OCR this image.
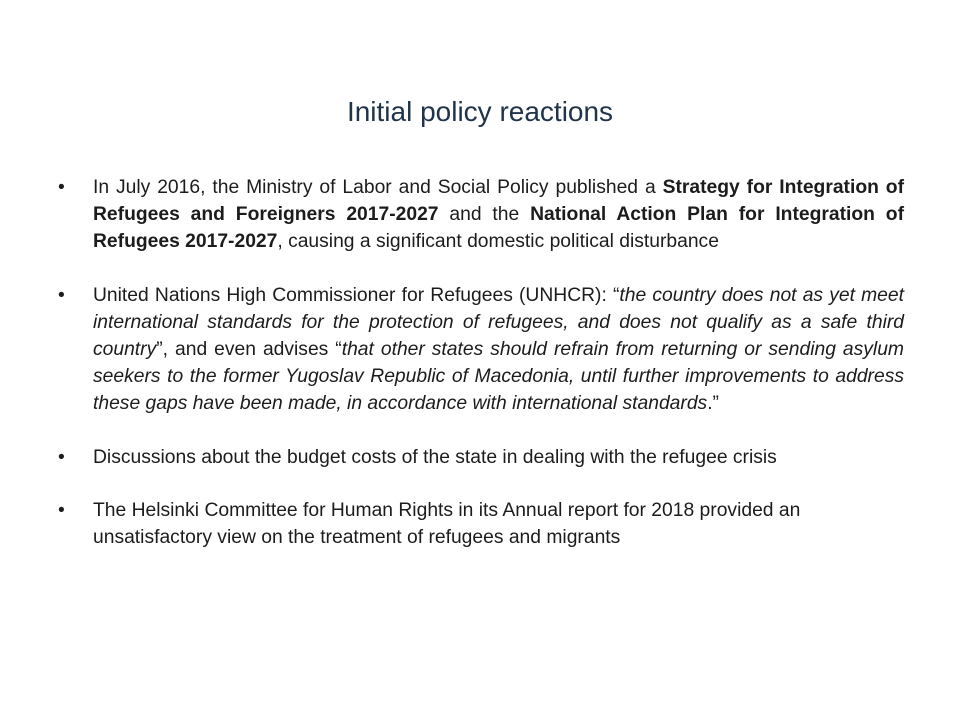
Initial policy reactions
•	In July 2016, the Ministry of Labor and Social Policy published a Strategy for Integration of Refugees and Foreigners 2017-2027 and the National Action Plan for Integration of Refugees 2017-2027, causing a significant domestic political disturbance
•	United Nations High Commissioner for Refugees (UNHCR): “the country does not as yet meet international standards for the protection of refugees, and does not qualify as a safe third country”, and even advises “that other states should refrain from returning or sending asylum seekers to the former Yugoslav Republic of Macedonia, until further improvements to address these gaps have been made, in accordance with international standards.”
•	Discussions about the budget costs of the state in dealing with the refugee crisis
•	The Helsinki Committee for Human Rights in its Annual report for 2018 provided an unsatisfactory view on the treatment of refugees and migrants
